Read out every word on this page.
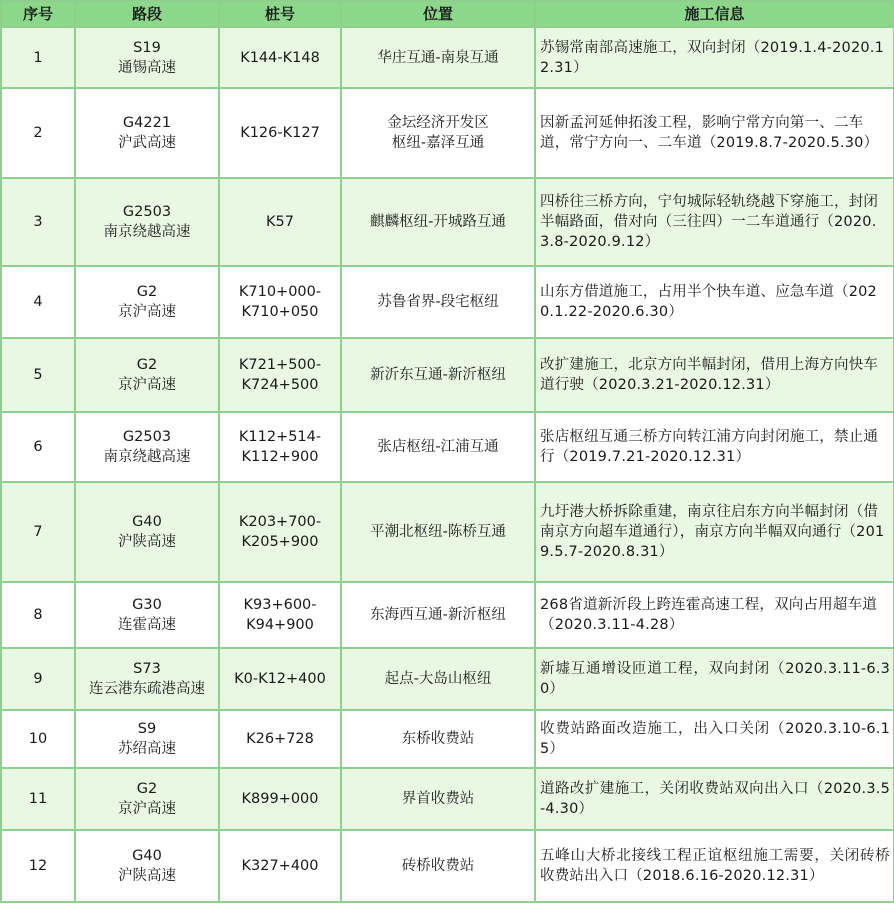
序号	路段	桩号	位置	施工信息
1	S19
通锡高速	K144-K148	华庄互通-南泉互通	苏锡常南部高速施工，双向封闭（2019.1.4-2020.12.31）
2	G4221
沪武高速	K126-K127	金坛经济开发区
枢纽-嘉泽互通	因新孟河延伸拓浚工程，影响宁常方向第一、二车道，常宁方向一、二车道（2019.8.7-2020.5.30）
3	G2503
南京绕越高速	K57	麒麟枢纽-开城路互通	四桥往三桥方向，宁句城际轻轨绕越下穿施工，封闭半幅路面，借对向（三往四）一二车道通行（2020.3.8-2020.9.12）
4	G2
京沪高速	K710+000-
K710+050	苏鲁省界-段宅枢纽	山东方借道施工，占用半个快车道、应急车道（2020.1.22-2020.6.30）
5	G2
京沪高速	K721+500-
K724+500	新沂东互通-新沂枢纽	改扩建施工，北京方向半幅封闭，借用上海方向快车道行驶（2020.3.21-2020.12.31）
6	G2503
南京绕越高速	K112+514-
K112+900	张店枢纽-江浦互通	张店枢纽互通三桥方向转江浦方向封闭施工，禁止通行（2019.7.21-2020.12.31）
7	G40
沪陕高速	K203+700-
K205+900	平潮北枢纽-陈桥互通	九圩港大桥拆除重建，南京往启东方向半幅封闭（借南京方向超车道通行），南京方向半幅双向通行（2019.5.7-2020.8.31）
8	G30
连霍高速	K93+600-
K94+900	东海西互通-新沂枢纽	268省道新沂段上跨连霍高速工程，双向占用超车道（2020.3.11-4.28）
9	S73
连云港东疏港高速	K0-K12+400	起点-大岛山枢纽	新墟互通增设匝道工程，双向封闭（2020.3.11-6.30）
10	S9
苏绍高速	K26+728	东桥收费站	收费站路面改造施工，出入口关闭（2020.3.10-6.15）
11	G2
京沪高速	K899+000	界首收费站	道路改扩建施工，关闭收费站双向出入口（2020.3.5-4.30）
12	G40
沪陕高速	K327+400	砖桥收费站	五峰山大桥北接线工程正谊枢纽施工需要，关闭砖桥收费站出入口（2018.6.16-2020.12.31）
